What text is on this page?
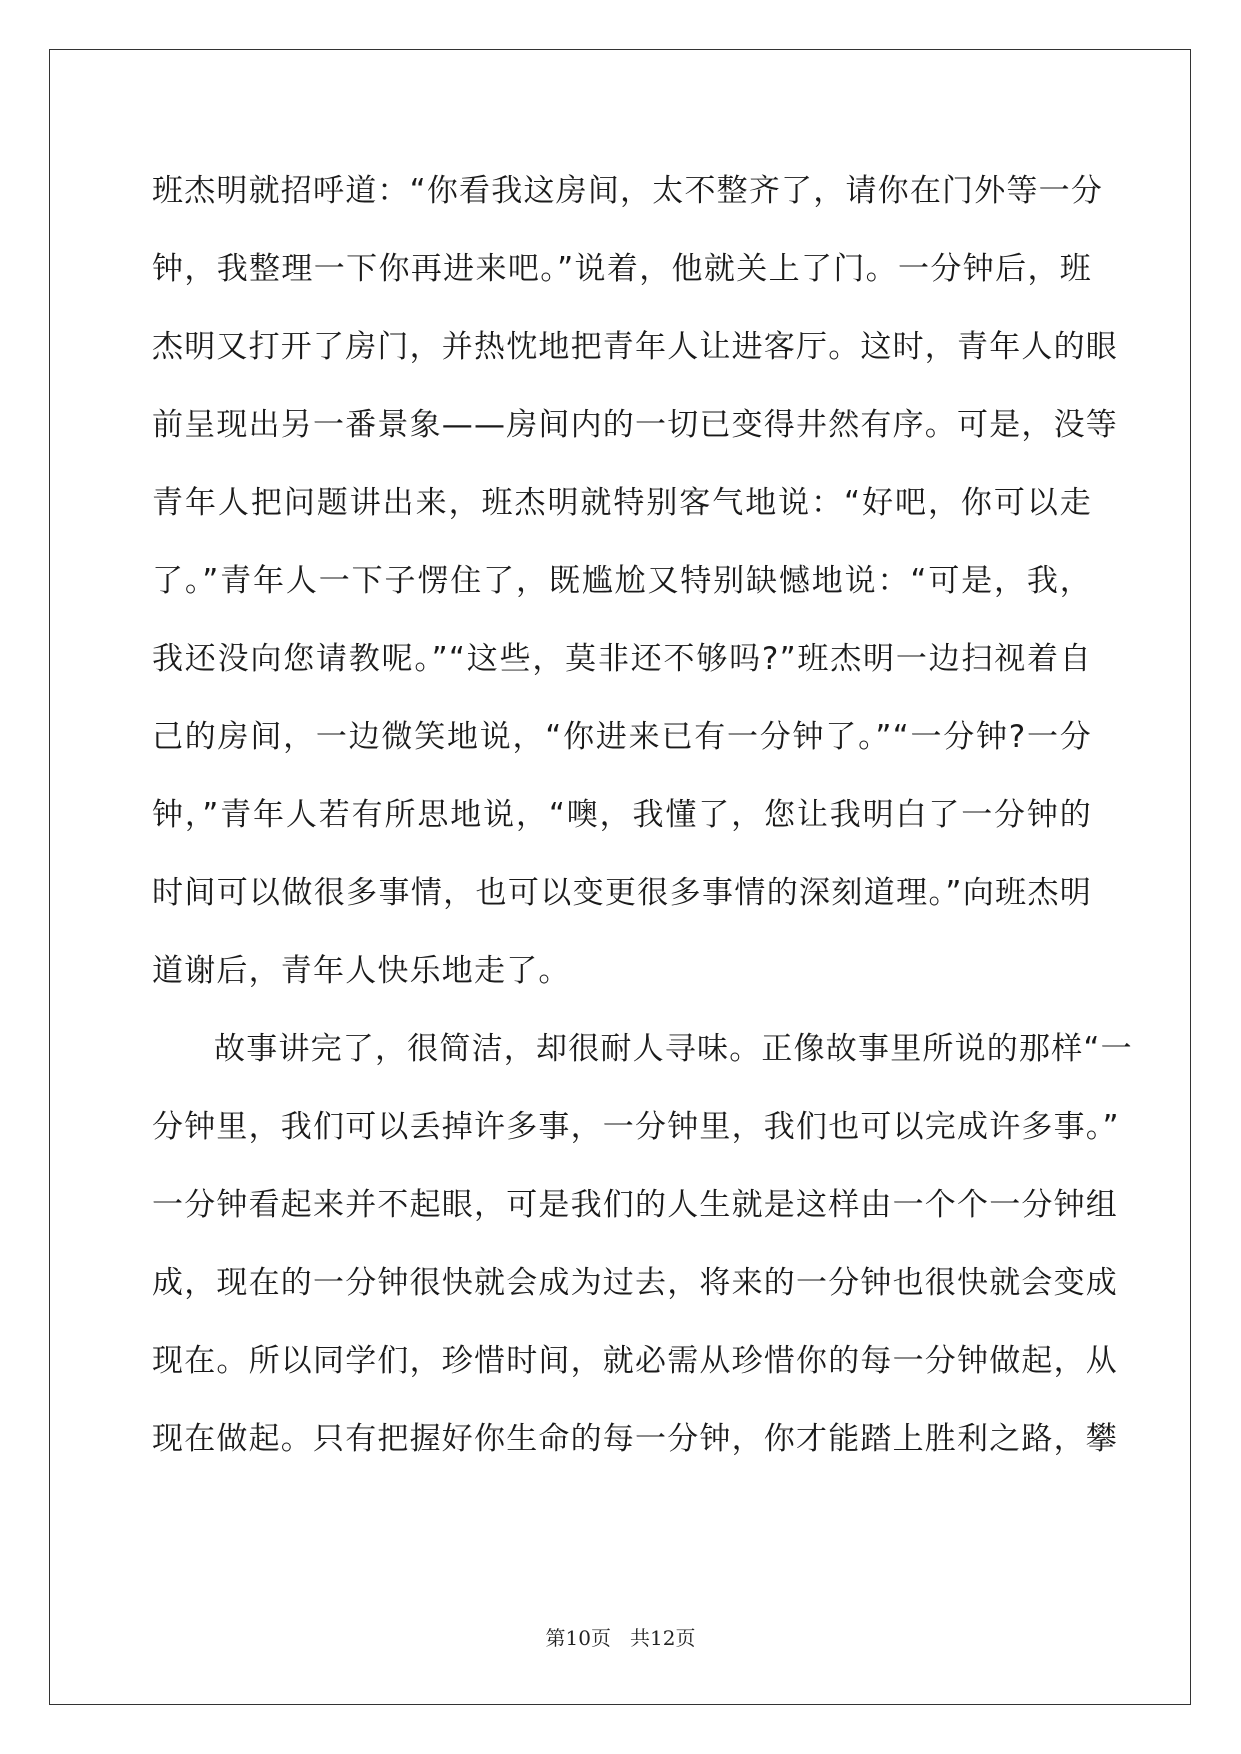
班杰明就招呼道：“你看我这房间，太不整齐了，请你在门外等一分
钟，我整理一下你再进来吧。”说着，他就关上了门。一分钟后，班
杰明又打开了房门，并热忱地把青年人让进客厅。这时，青年人的眼
前呈现出另一番景象——房间内的一切已变得井然有序。可是，没等
青年人把问题讲出来，班杰明就特别客气地说：“好吧，你可以走
了。”青年人一下子愣住了，既尴尬又特别缺憾地说：“可是，我，
我还没向您请教呢。”“这些，莫非还不够吗?”班杰明一边扫视着自
己的房间，一边微笑地说，“你进来已有一分钟了。”“一分钟?一分
钟，”青年人若有所思地说，“噢，我懂了，您让我明白了一分钟的
时间可以做很多事情，也可以变更很多事情的深刻道理。”向班杰明
道谢后，青年人快乐地走了。
故事讲完了，很简洁，却很耐人寻味。正像故事里所说的那样“一
分钟里，我们可以丢掉许多事，一分钟里，我们也可以完成许多事。”
一分钟看起来并不起眼，可是我们的人生就是这样由一个个一分钟组
成，现在的一分钟很快就会成为过去，将来的一分钟也很快就会变成
现在。所以同学们，珍惜时间，就必需从珍惜你的每一分钟做起，从
现在做起。只有把握好你生命的每一分钟，你才能踏上胜利之路，攀
第10页 共12页
